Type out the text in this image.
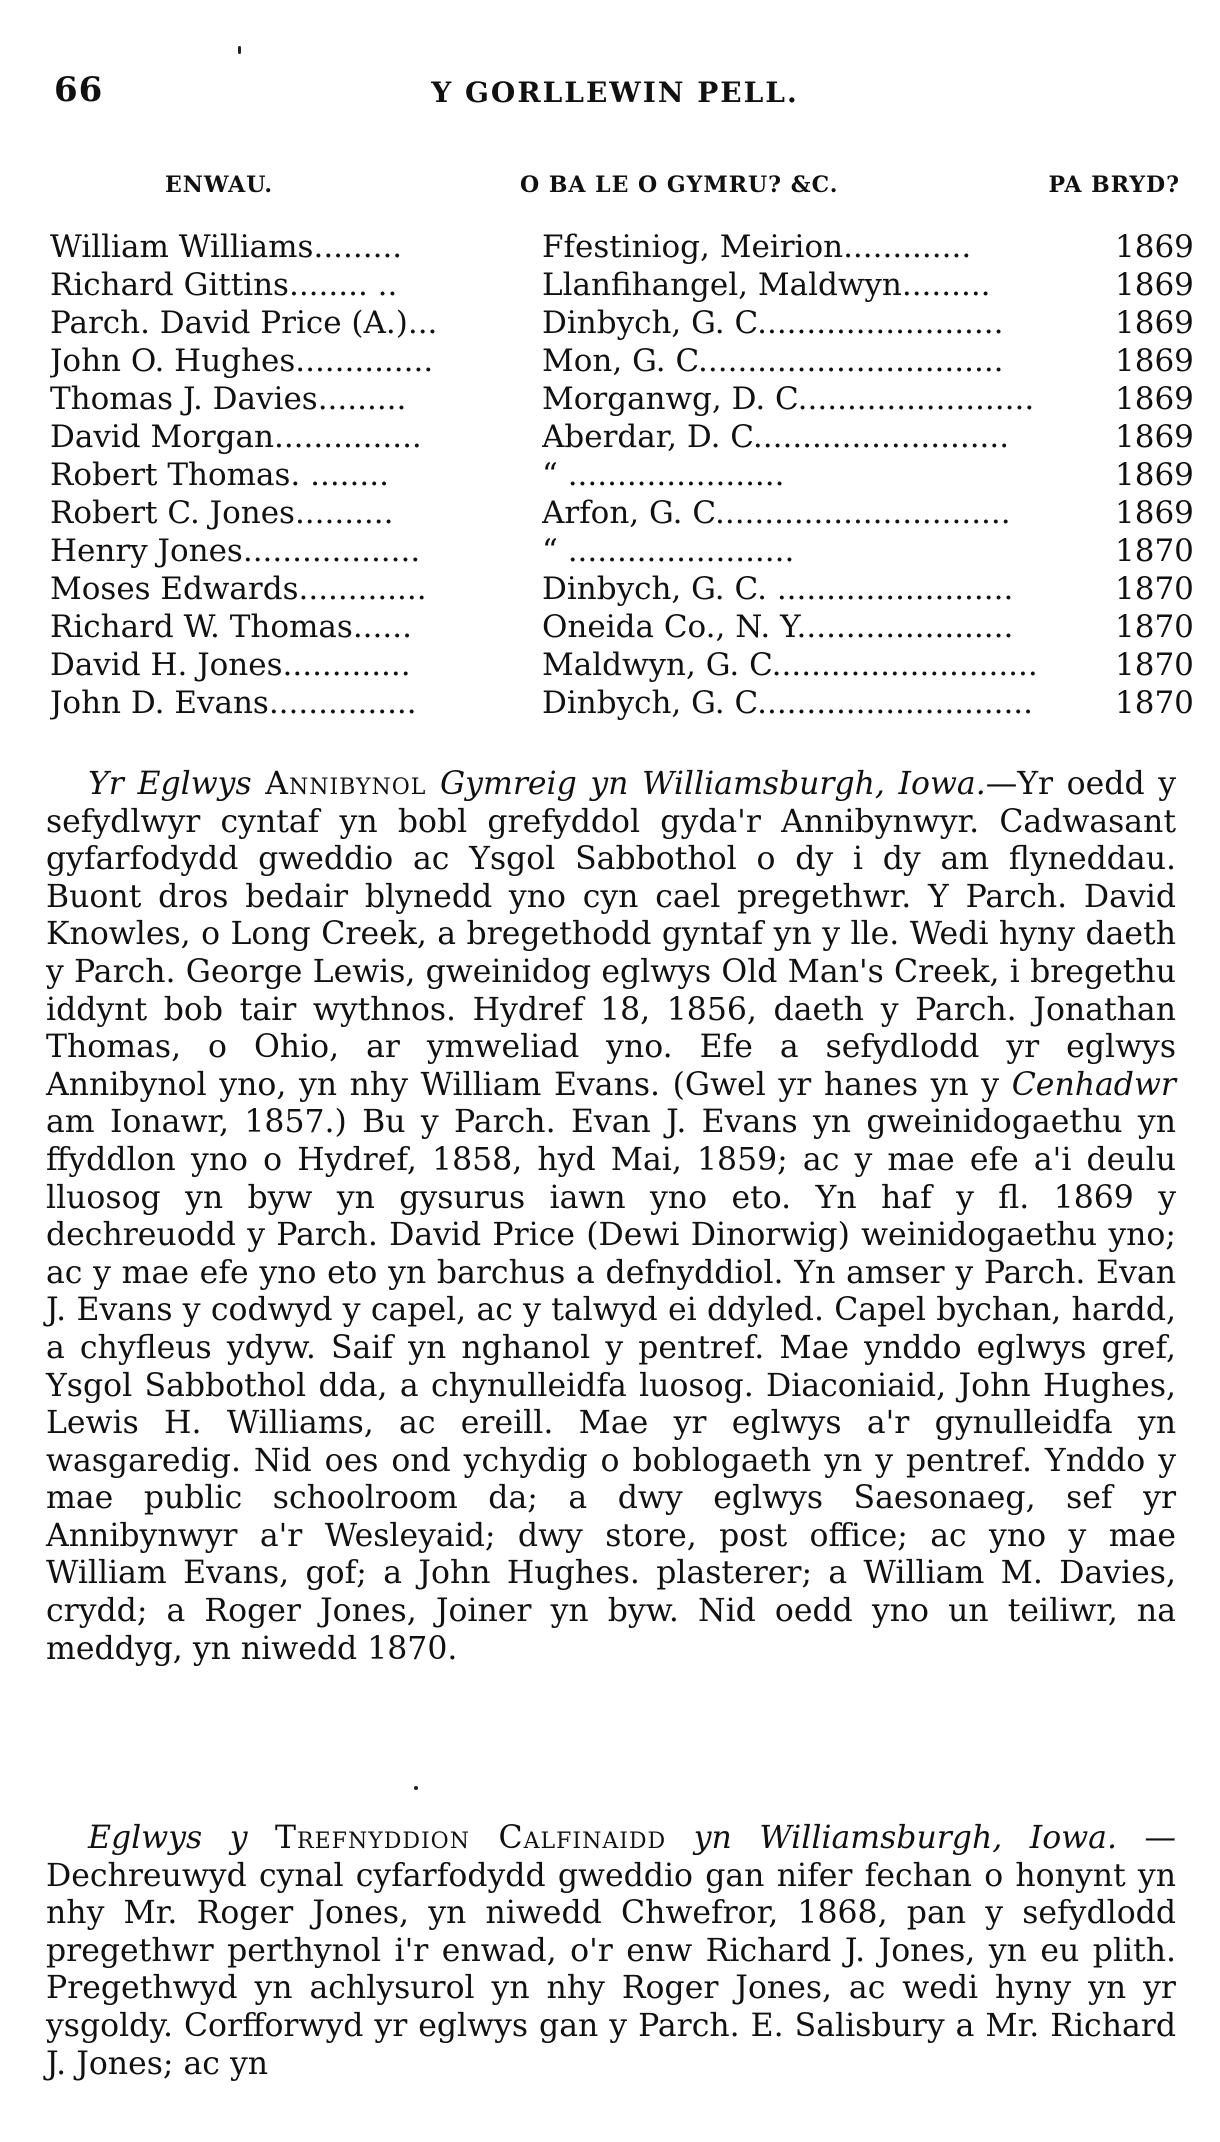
66	Y GORLLEWIN PELL.
ENWAU.	O BA LE O GYMRU? &C.	PA BRYD?
William Williams.........	Ffestiniog, Meirion.............	1869
Richard Gittins........ ..	Llanfihangel, Maldwyn.........	1869
Parch. David Price (A.)...	Dinbych, G. C.........................	1869
John O. Hughes..............	Mon, G. C...............................	1869
Thomas J. Davies.........	Morganwg, D. C........................	1869
David Morgan...............	Aberdar, D. C..........................	1869
Robert Thomas. ........	“ ......................	1869
Robert C. Jones..........	Arfon, G. C..............................	1869
Henry Jones..................	“ .......................	1870
Moses Edwards.............	Dinbych, G. C. ........................	1870
Richard W. Thomas......	Oneida Co., N. Y......................	1870
David H. Jones.............	Maldwyn, G. C...........................	1870
John D. Evans...............	Dinbych, G. C............................	1870

Yr Eglwys Annibynol Gymreig yn Williamsburgh, Iowa.—Yr oedd y sefydlwyr cyntaf yn bobl grefyddol gyda'r Annibynwyr. Cadwasant gyfarfodydd gweddio ac Ysgol Sabbothol o dy i dy am flyneddau. Buont dros bedair blynedd yno cyn cael pregethwr. Y Parch. David Knowles, o Long Creek, a bregethodd gyntaf yn y lle. Wedi hyny daeth y Parch. George Lewis, gweinidog eglwys Old Man's Creek, i bregethu iddynt bob tair wythnos. Hydref 18, 1856, daeth y Parch. Jonathan Thomas, o Ohio, ar ymweliad yno. Efe a sefydlodd yr eglwys Annibynol yno, yn nhy William Evans. (Gwel yr hanes yn y Cenhadwr am Ionawr, 1857.) Bu y Parch. Evan J. Evans yn gweinidogaethu yn ffyddlon yno o Hydref, 1858, hyd Mai, 1859; ac y mae efe a'i deulu lluosog yn byw yn gysurus iawn yno eto. Yn haf y fl. 1869 y dechreuodd y Parch. David Price (Dewi Dinorwig) weinidogaethu yno; ac y mae efe yno eto yn barchus a defnyddiol. Yn amser y Parch. Evan J. Evans y codwyd y capel, ac y talwyd ei ddyled. Capel bychan, hardd, a chyfleus ydyw. Saif yn nghanol y pentref. Mae ynddo eglwys gref, Ysgol Sabbothol dda, a chynulleidfa luosog. Diaconiaid, John Hughes, Lewis H. Williams, ac ereill. Mae yr eglwys a'r gynulleidfa yn wasgaredig. Nid oes ond ychydig o boblogaeth yn y pentref. Ynddo y mae public schoolroom da; a dwy eglwys Saesonaeg, sef yr Annibynwyr a'r Wesleyaid; dwy store, post office; ac yno y mae William Evans, gof; a John Hughes. plasterer; a William M. Davies, crydd; a Roger Jones, Joiner yn byw. Nid oedd yno un teiliwr, na meddyg, yn niwedd 1870.

Eglwys y Trefnyddion Calfinaidd yn Williamsburgh, Iowa. —Dechreuwyd cynal cyfarfodydd gweddio gan nifer fechan o honynt yn nhy Mr. Roger Jones, yn niwedd Chwefror, 1868, pan y sefydlodd pregethwr perthynol i'r enwad, o'r enw Richard J. Jones, yn eu plith. Pregethwyd yn achlysurol yn nhy Roger Jones, ac wedi hyny yn yr ysgoldy. Corfforwyd yr eglwys gan y Parch. E. Salisbury a Mr. Richard J. Jones; ac yn
